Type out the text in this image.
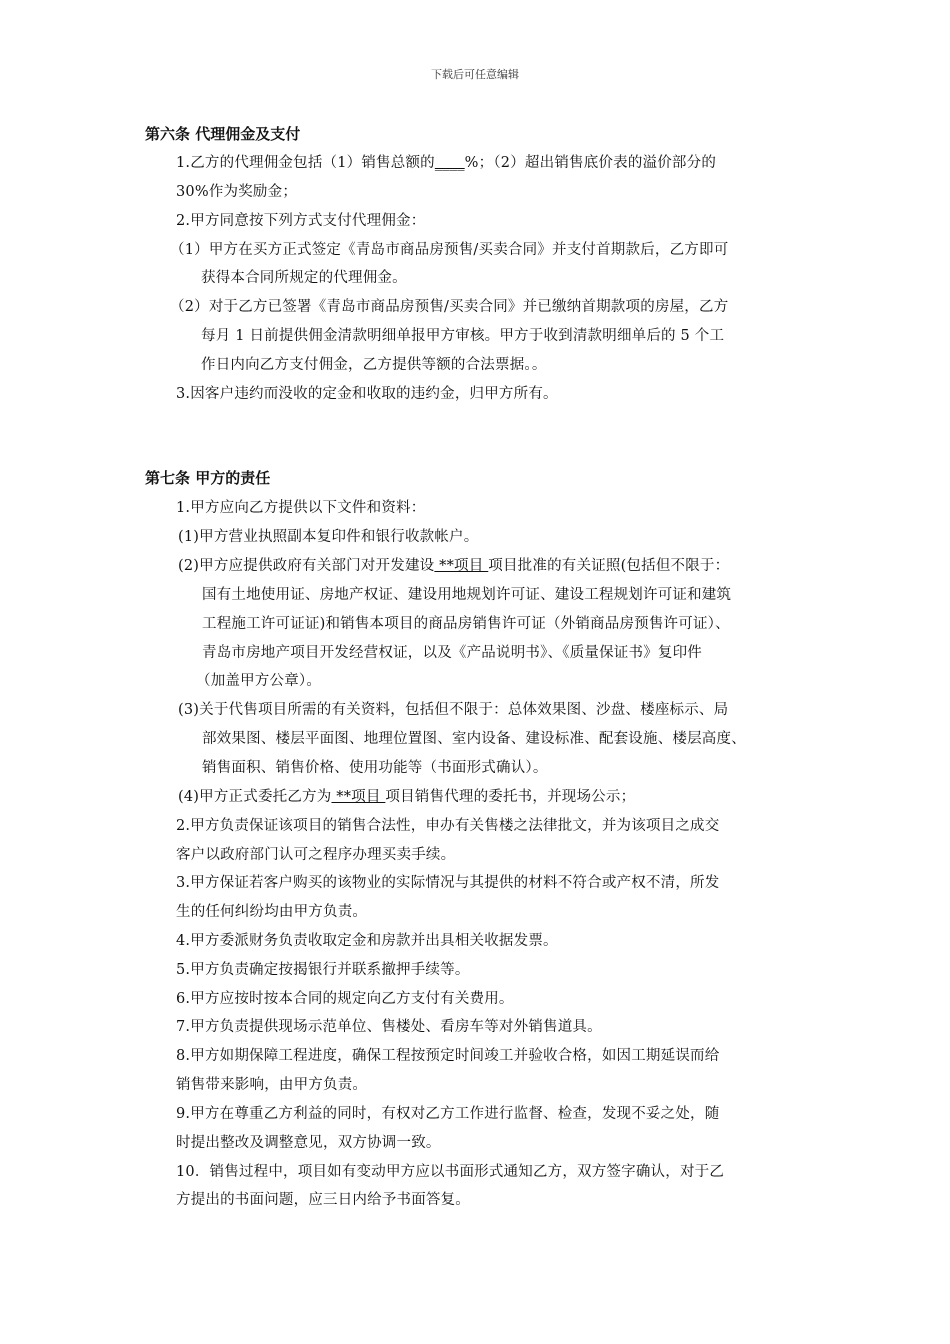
下载后可任意编辑
第六条 代理佣金及支付
1.乙方的代理佣金包括（1）销售总额的____%；（2）超出销售底价表的溢价部分的
30%作为奖励金；
2.甲方同意按下列方式支付代理佣金：
（1）甲方在买方正式签定《青岛市商品房预售/买卖合同》并支付首期款后，乙方即可
获得本合同所规定的代理佣金。
（2）对于乙方已签署《青岛市商品房预售/买卖合同》并已缴纳首期款项的房屋，乙方
每月 1 日前提供佣金清款明细单报甲方审核。甲方于收到清款明细单后的 5 个工
作日内向乙方支付佣金，乙方提供等额的合法票据。。
3.因客户违约而没收的定金和收取的违约金，归甲方所有。
第七条 甲方的责任
1.甲方应向乙方提供以下文件和资料：
(1)甲方营业执照副本复印件和银行收款帐户。
(2)甲方应提供政府有关部门对开发建设 **项目 项目批准的有关证照(包括但不限于：
国有土地使用证、房地产权证、建设用地规划许可证、建设工程规划许可证和建筑
工程施工许可证证)和销售本项目的商品房销售许可证（外销商品房预售许可证）、
青岛市房地产项目开发经营权证，以及《产品说明书》、《质量保证书》复印件
（加盖甲方公章）。
(3)关于代售项目所需的有关资料，包括但不限于：总体效果图、沙盘、楼座标示、局
部效果图、楼层平面图、地理位置图、室内设备、建设标准、配套设施、楼层高度、
销售面积、销售价格、使用功能等（书面形式确认）。
(4)甲方正式委托乙方为 **项目 项目销售代理的委托书，并现场公示；
2.甲方负责保证该项目的销售合法性，申办有关售楼之法律批文，并为该项目之成交
客户以政府部门认可之程序办理买卖手续。
3.甲方保证若客户购买的该物业的实际情况与其提供的材料不符合或产权不清，所发
生的任何纠纷均由甲方负责。
4.甲方委派财务负责收取定金和房款并出具相关收据发票。
5.甲方负责确定按揭银行并联系撤押手续等。
6.甲方应按时按本合同的规定向乙方支付有关费用。
7.甲方负责提供现场示范单位、售楼处、看房车等对外销售道具。
8.甲方如期保障工程进度，确保工程按预定时间竣工并验收合格，如因工期延误而给
销售带来影响，由甲方负责。
9.甲方在尊重乙方利益的同时，有权对乙方工作进行监督、检查，发现不妥之处，随
时提出整改及调整意见，双方协调一致。
10．销售过程中，项目如有变动甲方应以书面形式通知乙方，双方签字确认，对于乙
方提出的书面问题，应三日内给予书面答复。
